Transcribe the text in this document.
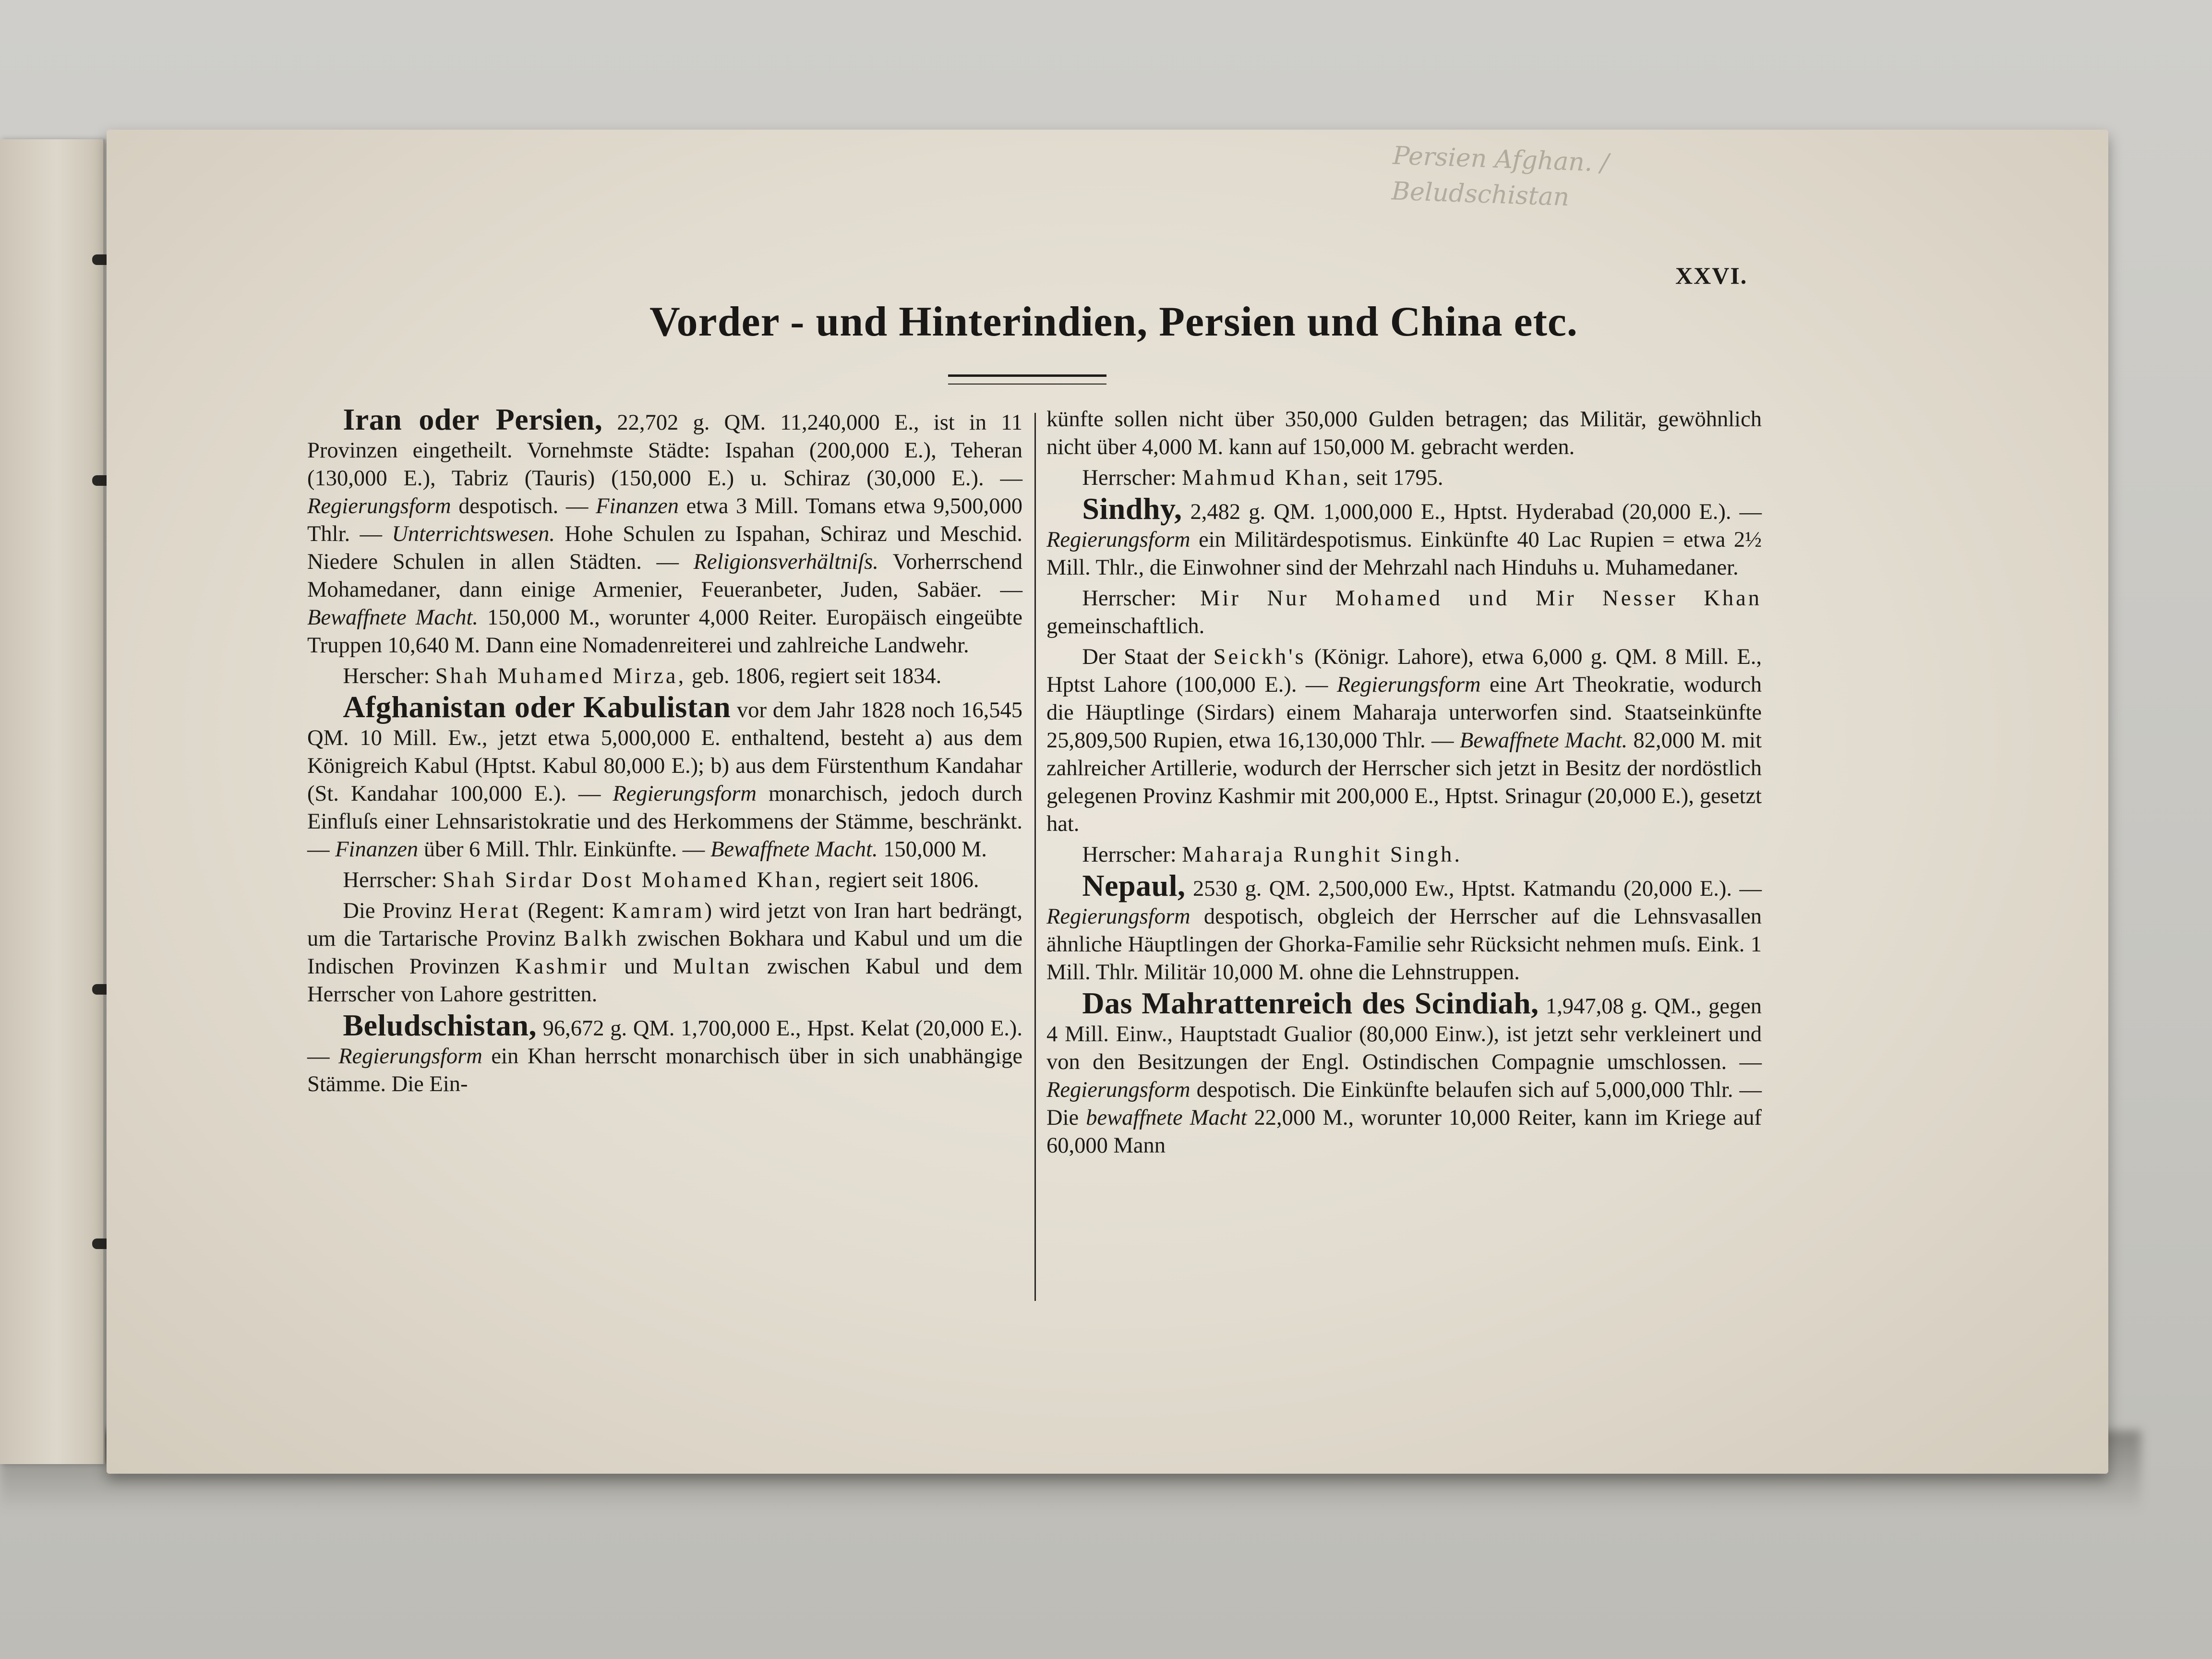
Persien Afghan. / Beludschistan
XXVI.
Vorder - und Hinterindien, Persien und China etc.

Iran oder Persien, 22,702 g. QM. 11,240,000 E., ist in 11 Provinzen eingetheilt. Vornehmste Städte: Ispahan (200,000 E.), Teheran (130,000 E.), Tabriz (Tauris) (150,000 E.) u. Schiraz (30,000 E.). — Regierungsform despotisch. — Finanzen etwa 3 Mill. Tomans etwa 9,500,000 Thlr. — Unterrichtswesen. Hohe Schulen zu Ispahan, Schiraz und Meschid. Niedere Schulen in allen Städten. — Religionsverhältniſs. Vorherrschend Mohamedaner, dann einige Armenier, Feueranbeter, Juden, Sabäer. — Bewaffnete Macht. 150,000 M., worunter 4,000 Reiter. Europäisch eingeübte Truppen 10,640 M. Dann eine Nomadenreiterei und zahlreiche Landwehr.

Herscher: Shah Muhamed Mirza, geb. 1806, regiert seit 1834.

Afghanistan oder Kabulistan vor dem Jahr 1828 noch 16,545 QM. 10 Mill. Ew., jetzt etwa 5,000,000 E. enthaltend, besteht a) aus dem Königreich Kabul (Hptst. Kabul 80,000 E.); b) aus dem Fürstenthum Kandahar (St. Kandahar 100,000 E.). — Regierungsform monarchisch, jedoch durch Einfluſs einer Lehnsaristokratie und des Herkommens der Stämme, beschränkt. — Finanzen über 6 Mill. Thlr. Einkünfte. — Bewaffnete Macht. 150,000 M.

Herrscher: Shah Sirdar Dost Mohamed Khan, regiert seit 1806.

Die Provinz Herat (Regent: Kamram) wird jetzt von Iran hart bedrängt, um die Tartarische Provinz Balkh zwischen Bokhara und Kabul und um die Indischen Provinzen Kashmir und Multan zwischen Kabul und dem Herrscher von Lahore gestritten.

Beludschistan, 96,672 g. QM. 1,700,000 E., Hpst. Kelat (20,000 E.). — Regierungsform ein Khan herrscht monarchisch über in sich unabhängige Stämme. Die Ein-

künfte sollen nicht über 350,000 Gulden betragen; das Militär, gewöhnlich nicht über 4,000 M. kann auf 150,000 M. gebracht werden.

Herrscher: Mahmud Khan, seit 1795.

Sindhy, 2,482 g. QM. 1,000,000 E., Hptst. Hyderabad (20,000 E.). — Regierungsform ein Militärdespotismus. Einkünfte 40 Lac Rupien = etwa 2½ Mill. Thlr., die Einwohner sind der Mehrzahl nach Hinduhs u. Muhamedaner.

Herrscher: Mir Nur Mohamed und Mir Nesser Khan gemeinschaftlich.

Der Staat der Seickh's (Königr. Lahore), etwa 6,000 g. QM. 8 Mill. E., Hptst Lahore (100,000 E.). — Regierungsform eine Art Theokratie, wodurch die Häuptlinge (Sirdars) einem Maharaja unterworfen sind. Staatseinkünfte 25,809,500 Rupien, etwa 16,130,000 Thlr. — Bewaffnete Macht. 82,000 M. mit zahlreicher Artillerie, wodurch der Herrscher sich jetzt in Besitz der nordöstlich gelegenen Provinz Kashmir mit 200,000 E., Hptst. Srinagur (20,000 E.), gesetzt hat.

Herrscher: Maharaja Runghit Singh.

Nepaul, 2530 g. QM. 2,500,000 Ew., Hptst. Katmandu (20,000 E.). — Regierungsform despotisch, obgleich der Herrscher auf die Lehnsvasallen ähnliche Häuptlingen der Ghorka-Familie sehr Rücksicht nehmen muſs. Eink. 1 Mill. Thlr. Militär 10,000 M. ohne die Lehnstruppen.

Das Mahrattenreich des Scindiah, 1,947,08 g. QM., gegen 4 Mill. Einw., Hauptstadt Gualior (80,000 Einw.), ist jetzt sehr verkleinert und von den Besitzungen der Engl. Ostindischen Compagnie umschlossen. — Regierungsform despotisch. Die Einkünfte belaufen sich auf 5,000,000 Thlr. — Die bewaffnete Macht 22,000 M., worunter 10,000 Reiter, kann im Kriege auf 60,000 Mann
